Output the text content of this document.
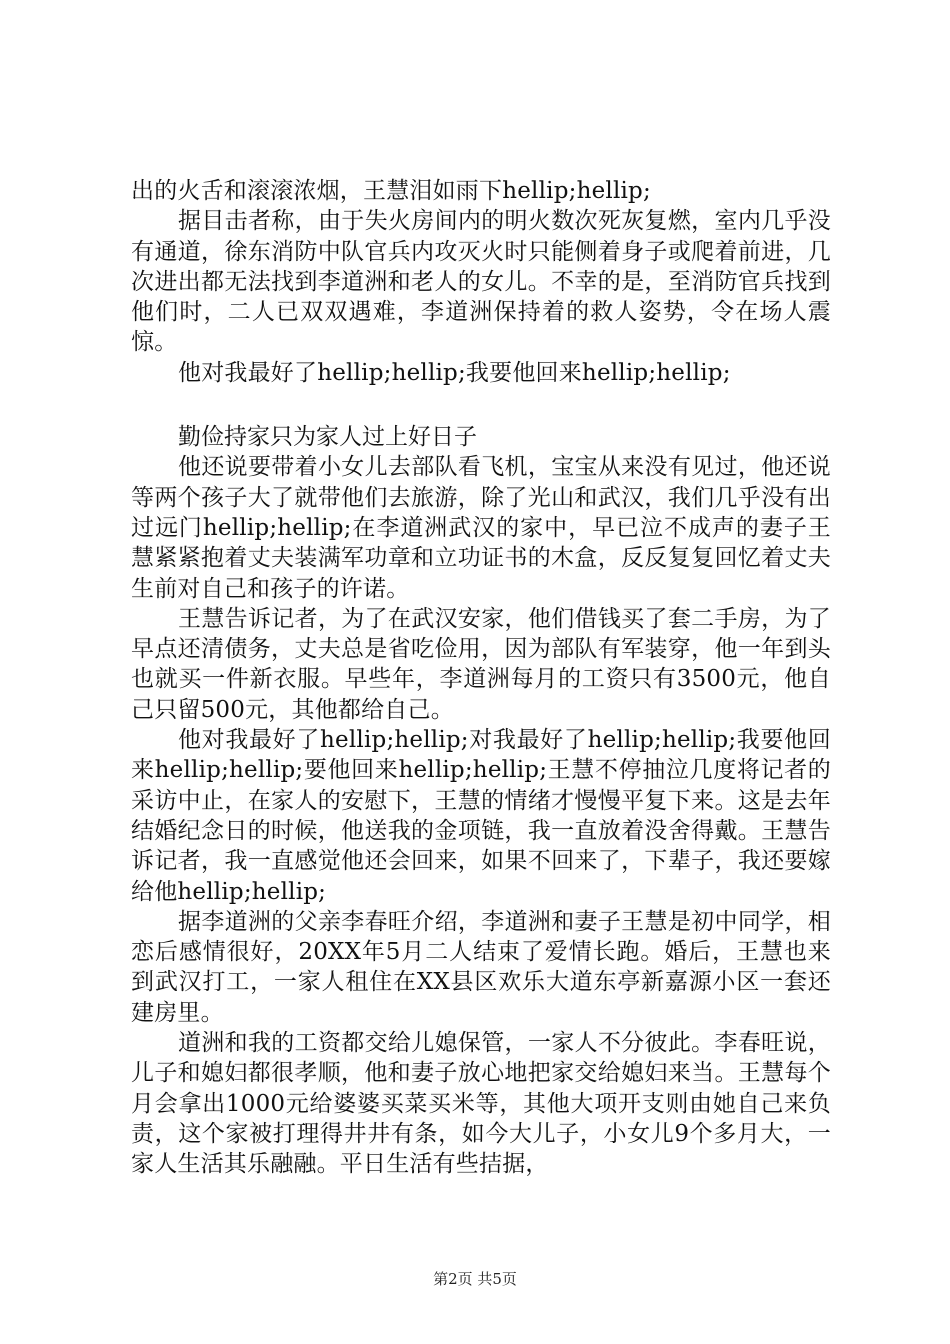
出的火舌和滚滚浓烟，王慧泪如雨下hellip;hellip;

据目击者称，由于失火房间内的明火数次死灰复燃，室内几乎没有通道，徐东消防中队官兵内攻灭火时只能侧着身子或爬着前进，几次进出都无法找到李道洲和老人的女儿。不幸的是，至消防官兵找到他们时，二人已双双遇难，李道洲保持着的救人姿势，令在场人震惊。

他对我最好了hellip;hellip;我要他回来hellip;hellip;

勤俭持家只为家人过上好日子

他还说要带着小女儿去部队看飞机，宝宝从来没有见过，他还说等两个孩子大了就带他们去旅游，除了光山和武汉，我们几乎没有出过远门hellip;hellip;在李道洲武汉的家中，早已泣不成声的妻子王慧紧紧抱着丈夫装满军功章和立功证书的木盒，反反复复回忆着丈夫生前对自己和孩子的许诺。

王慧告诉记者，为了在武汉安家，他们借钱买了套二手房，为了早点还清债务，丈夫总是省吃俭用，因为部队有军装穿，他一年到头也就买一件新衣服。早些年，李道洲每月的工资只有3500元，他自己只留500元，其他都给自己。

他对我最好了hellip;hellip;对我最好了hellip;hellip;我要他回来hellip;hellip;要他回来hellip;hellip;王慧不停抽泣几度将记者的采访中止，在家人的安慰下，王慧的情绪才慢慢平复下来。这是去年结婚纪念日的时候，他送我的金项链，我一直放着没舍得戴。王慧告诉记者，我一直感觉他还会回来，如果不回来了，下辈子，我还要嫁给他hellip;hellip;

据李道洲的父亲李春旺介绍，李道洲和妻子王慧是初中同学，相恋后感情很好，20XX年5月二人结束了爱情长跑。婚后，王慧也来到武汉打工，一家人租住在XX县区欢乐大道东亭新嘉源小区一套还建房里。

道洲和我的工资都交给儿媳保管，一家人不分彼此。李春旺说，儿子和媳妇都很孝顺，他和妻子放心地把家交给媳妇来当。王慧每个月会拿出1000元给婆婆买菜买米等，其他大项开支则由她自己来负责，这个家被打理得井井有条，如今大儿子，小女儿9个多月大，一家人生活其乐融融。平日生活有些拮据，

第2页 共5页
